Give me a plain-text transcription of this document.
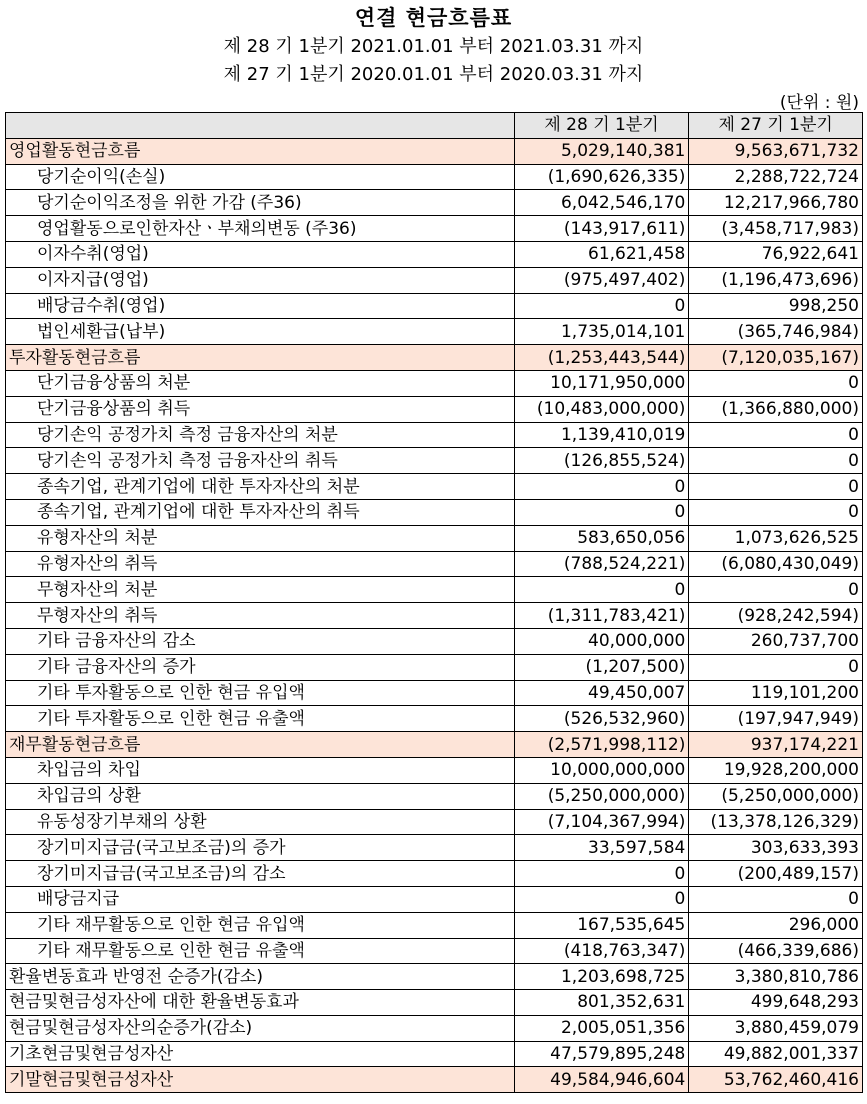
연결 현금흐름표
제 28 기 1분기 2021.01.01 부터 2021.03.31 까지
제 27 기 1분기 2020.01.01 부터 2020.03.31 까지
(단위 : 원)
	제 28 기 1분기	제 27 기 1분기
영업활동현금흐름	5,029,140,381	9,563,671,732
당기순이익(손실)	(1,690,626,335)	2,288,722,724
당기순이익조정을 위한 가감 (주36)	6,042,546,170	12,217,966,780
영업활동으로인한자산ㆍ부채의변동 (주36)	(143,917,611)	(3,458,717,983)
이자수취(영업)	61,621,458	76,922,641
이자지급(영업)	(975,497,402)	(1,196,473,696)
배당금수취(영업)	0	998,250
법인세환급(납부)	1,735,014,101	(365,746,984)
투자활동현금흐름	(1,253,443,544)	(7,120,035,167)
단기금융상품의 처분	10,171,950,000	0
단기금융상품의 취득	(10,483,000,000)	(1,366,880,000)
당기손익 공정가치 측정 금융자산의 처분	1,139,410,019	0
당기손익 공정가치 측정 금융자산의 취득	(126,855,524)	0
종속기업, 관계기업에 대한 투자자산의 처분	0	0
종속기업, 관계기업에 대한 투자자산의 취득	0	0
유형자산의 처분	583,650,056	1,073,626,525
유형자산의 취득	(788,524,221)	(6,080,430,049)
무형자산의 처분	0	0
무형자산의 취득	(1,311,783,421)	(928,242,594)
기타 금융자산의 감소	40,000,000	260,737,700
기타 금융자산의 증가	(1,207,500)	0
기타 투자활동으로 인한 현금 유입액	49,450,007	119,101,200
기타 투자활동으로 인한 현금 유출액	(526,532,960)	(197,947,949)
재무활동현금흐름	(2,571,998,112)	937,174,221
차입금의 차입	10,000,000,000	19,928,200,000
차입금의 상환	(5,250,000,000)	(5,250,000,000)
유동성장기부채의 상환	(7,104,367,994)	(13,378,126,329)
장기미지급금(국고보조금)의 증가	33,597,584	303,633,393
장기미지급금(국고보조금)의 감소	0	(200,489,157)
배당금지급	0	0
기타 재무활동으로 인한 현금 유입액	167,535,645	296,000
기타 재무활동으로 인한 현금 유출액	(418,763,347)	(466,339,686)
환율변동효과 반영전 순증가(감소)	1,203,698,725	3,380,810,786
현금및현금성자산에 대한 환율변동효과	801,352,631	499,648,293
현금및현금성자산의순증가(감소)	2,005,051,356	3,880,459,079
기초현금및현금성자산	47,579,895,248	49,882,001,337
기말현금및현금성자산	49,584,946,604	53,762,460,416
